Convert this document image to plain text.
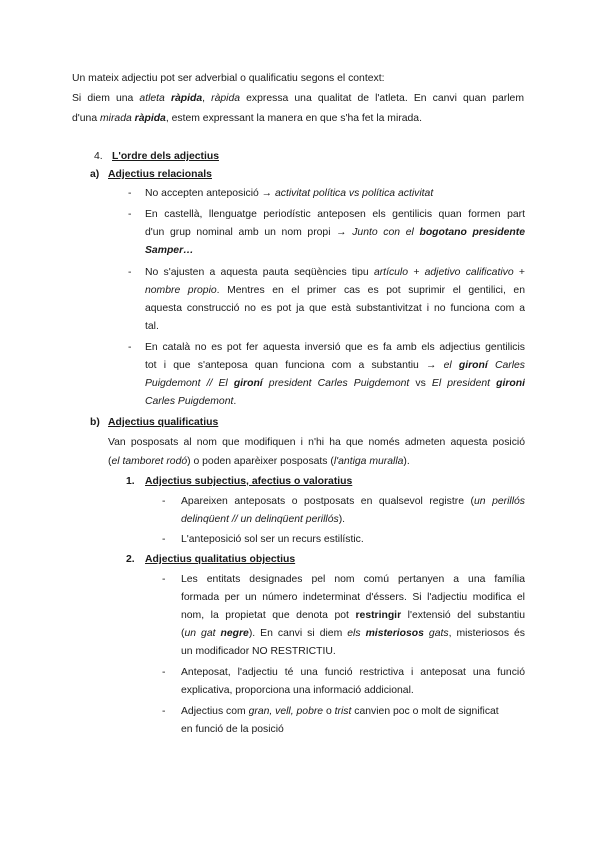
Un mateix adjectiu pot ser adverbial o qualificatiu segons el context:
Si diem una atleta ràpida, ràpida expressa una qualitat de l'atleta. En canvi quan parlem
d'una mirada ràpida, estem expressant la manera en que s'ha fet la mirada.
4. L'ordre dels adjectius
a) Adjectius relacionals
- No accepten anteposició → activitat política vs política activitat
- En castellà, llenguatge periodístic anteposen els gentilicis quan formen part
d'un grup nominal amb un nom propi → Junto con el bogotano presidente
Samper…
- No s'ajusten a aquesta pauta seqüències tipu artículo + adjetivo calificativo +
nombre propio. Mentres en el primer cas es pot suprimir el gentilici, en
aquesta construcció no es pot ja que està substantivitzat i no funciona com a
tal.
- En català no es pot fer aquesta inversió que es fa amb els adjectius gentilicis
tot i que s'anteposa quan funciona com a substantiu → el gironí Carles
Puigdemont // El gironí president Carles Puigdemont vs El president gironí
Carles Puigdemont.
b) Adjectius qualificatius
Van posposats al nom que modifiquen i n'hi ha que només admeten aquesta posició
(el tamboret rodó) o poden aparèixer posposats (l'antiga muralla).
1. Adjectius subjectius, afectius o valoratius
- Apareixen anteposats o postposats en qualsevol registre (un perillós
delinqüent // un delinqüent perillós).
- L'anteposició sol ser un recurs estilístic.
2. Adjectius qualitatius objectius
- Les entitats designades pel nom comú pertanyen a una família
formada per un número indeterminat d'éssers. Si l'adjectiu modifica el
nom, la propietat que denota pot restringir l'extensió del substantiu
(un gat negre). En canvi si diem els misteriosos gats, misteriosos és
un modificador NO RESTRICTIU.
- Anteposat, l'adjectiu té una funció restrictiva i anteposat una funció
explicativa, proporciona una informació addicional.
- Adjectius com gran, vell, pobre o trist canvien poc o molt de significat
en funció de la posició
